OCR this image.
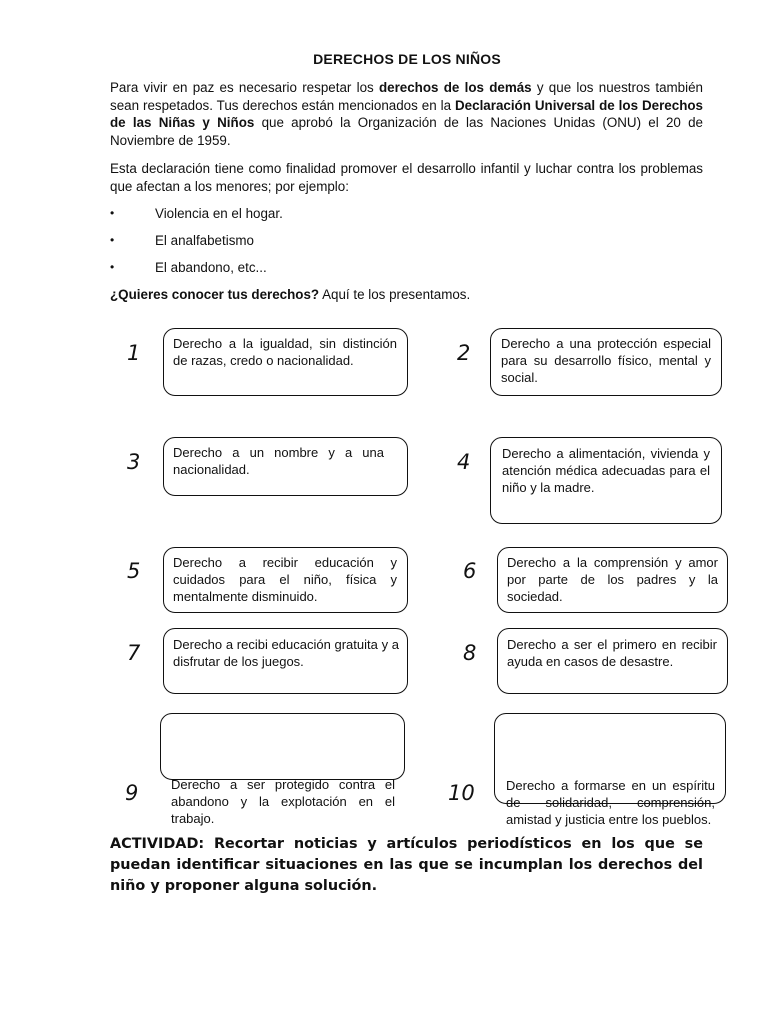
DERECHOS DE LOS NIÑOS

Para vivir en paz es necesario respetar los derechos de los demás y que los nuestros también sean respetados. Tus derechos están mencionados en la Declaración Universal de los Derechos de las Niñas y Niños que aprobó la Organización de las Naciones Unidas (ONU) el 20 de Noviembre de 1959.

Esta declaración tiene como finalidad promover el desarrollo infantil y luchar contra los problemas que afectan a los menores; por ejemplo:

•	Violencia en el hogar.
•	El analfabetismo
•	El abandono, etc...

¿Quieres conocer tus derechos? Aquí te los presentamos.

1	Derecho a la igualdad, sin distinción de razas, credo o nacionalidad.	2 Derecho a una protección especial para su desarrollo físico, mental y social.

3	Derecho a un nombre y a una nacionalidad.	4 Derecho a alimentación, vivienda y atención médica adecuadas para el niño y la madre.

5	Derecho a recibir educación y cuidados para el niño, física y mentalmente disminuido.

6 Derecho a la comprensión y amor por parte de los padres y la sociedad.

7	Derecho a recibi educación gratuita y a disfrutar de los juegos.	8 Derecho a ser el primero en recibir ayuda en casos de desastre.

9	Derecho a ser protegido contra el abandono y la explotación en el trabajo.

10 Derecho a formarse en un espíritu de solidaridad, comprensión, amistad y justicia entre los pueblos.

ACTIVIDAD: Recortar noticias y artículos periodísticos en los que se puedan identificar situaciones en las que se incumplan los derechos del niño y proponer alguna solución.
